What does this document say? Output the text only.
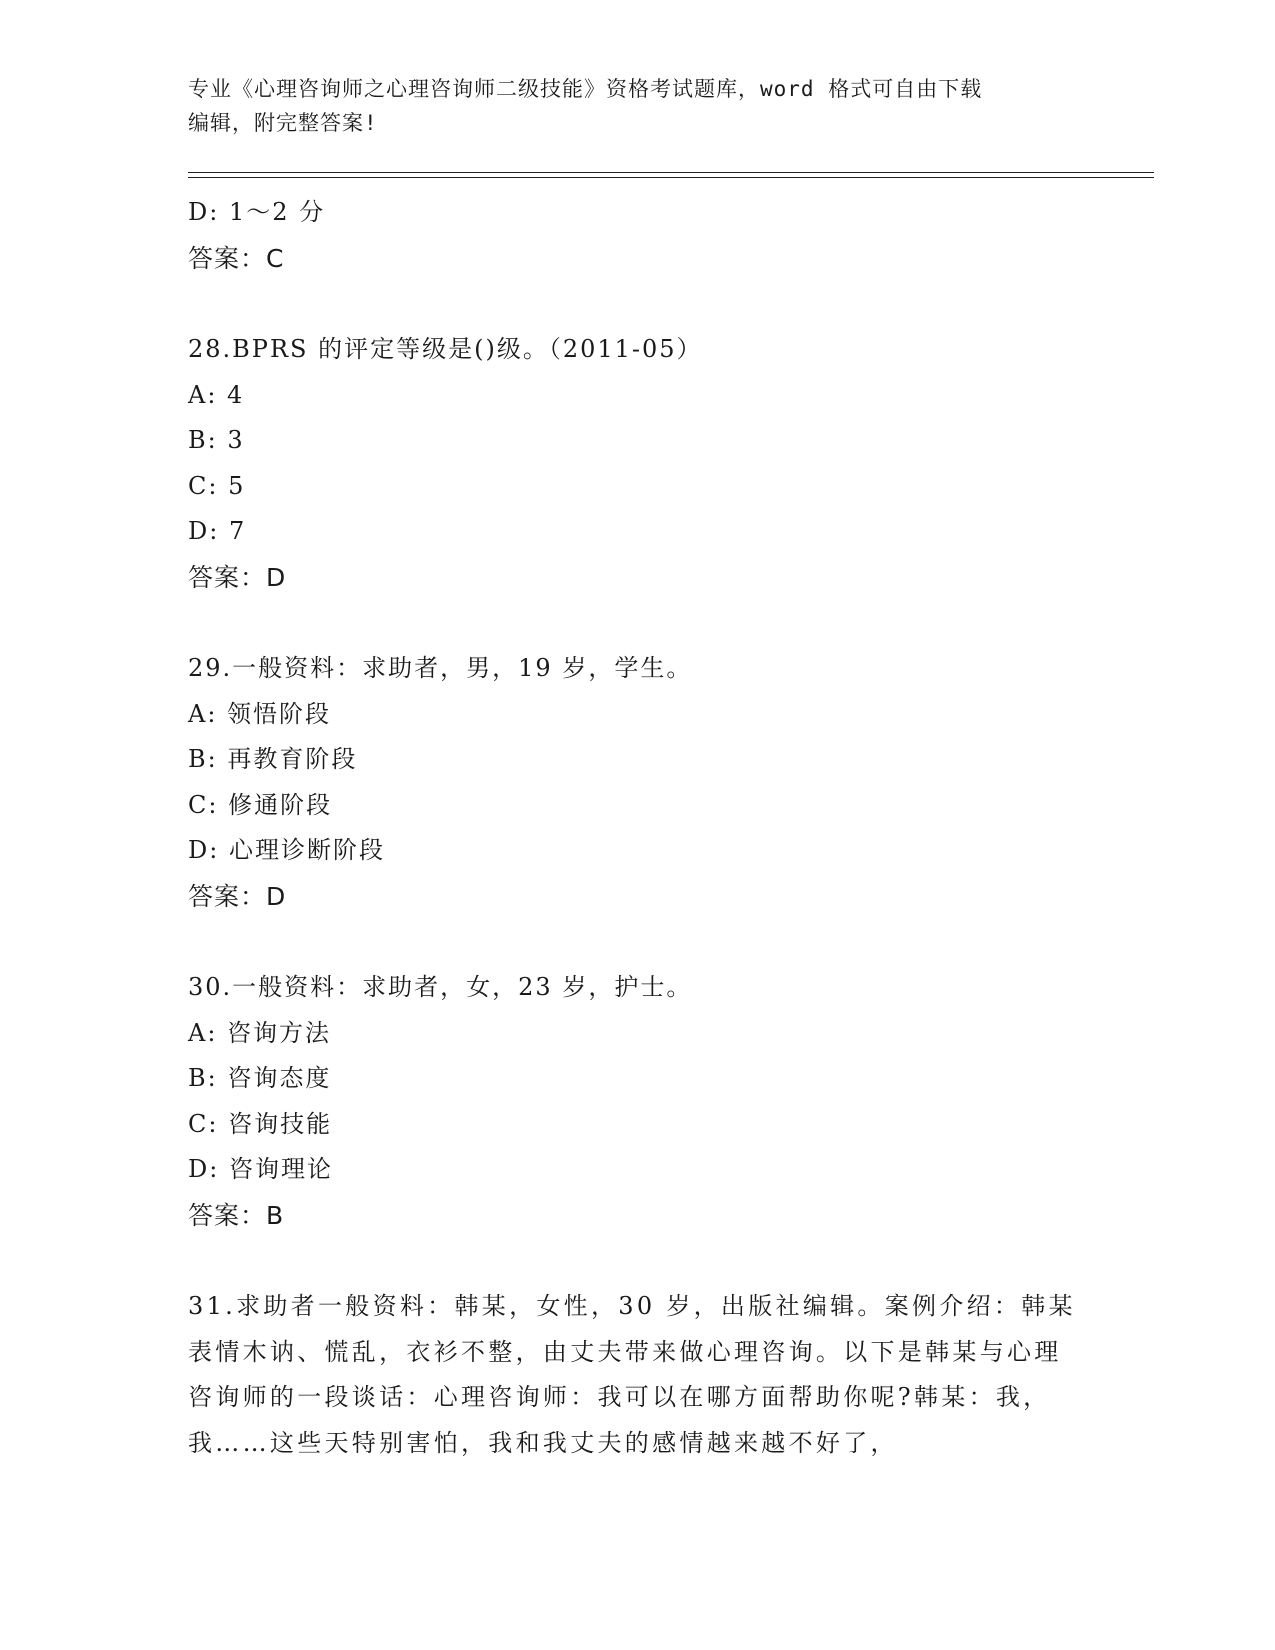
专业《心理咨询师之心理咨询师二级技能》资格考试题库，word 格式可自由下载
编辑，附完整答案!
D: 1～2 分
答案：C
28.BPRS 的评定等级是()级。（2011-05）
A: 4
B: 3
C: 5
D: 7
答案：D
29.一般资料：求助者，男，19 岁，学生。
A: 领悟阶段
B: 再教育阶段
C: 修通阶段
D: 心理诊断阶段
答案：D
30.一般资料：求助者，女，23 岁，护士。
A: 咨询方法
B: 咨询态度
C: 咨询技能
D: 咨询理论
答案：B
31.求助者一般资料：韩某，女性，30 岁，出版社编辑。案例介绍：韩某表情木讷、慌乱，衣衫不整，由丈夫带来做心理咨询。以下是韩某与心理咨询师的一段谈话：心理咨询师：我可以在哪方面帮助你呢?韩某：我，我……这些天特别害怕，我和我丈夫的感情越来越不好了，
